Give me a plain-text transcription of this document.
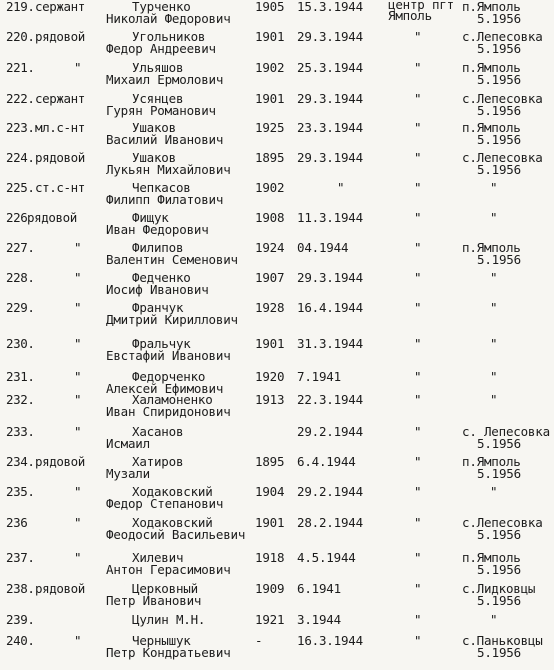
219. сержант	Турченко
Николай Федорович
1905 15.3.1944 центр пгт
Ямполь
п.Ямполь
5.1956
220. рядовой	Угольников
Федор Андреевич
1901 29.3.1944	"	с.Лепесовка
5.1956
221.	"	Ульяшов
Михаил Ермолович
1902 25.3.1944	"	п.Ямполь
5.1956
222. сержант	Усянцев
Гурян Романович
1901 29.3.1944	"	с.Лепесовка
5.1956
223. мл.с-нт	Ушаков
Василий Иванович
1925 23.3.1944	"	п.Ямполь
5.1956
224. рядовой	Ушаков
Лукьян Михайлович
1895 29.3.1944	"	с.Лепесовка
5.1956
225. ст.с-нт	Чепкасов
Филипп Филатович
1902	"	"	"
226 рядовой	Фищук
Иван Федорович
1908 11.3.1944	"	"
227.	"	Филипов
Валентин Семенович
1924 04.1944	"	п.Ямполь
5.1956
228.	"	Федченко
Иосиф Иванович
1907 29.3.1944	"	"
229.	"	Франчук
Дмитрий Кириллович
1928 16.4.1944	"	"
230.	"	Фральчук
Евстафий Иванович
1901 31.3.1944	"	"
231.	"	Федорченко
Алексей Ефимович
1920 7.1941	"	"
232.	"	Халамоненко
Иван Спиридонович
1913 22.3.1944	"	"
233.	"	Хасанов
Исмаил
29.2.1944	"	с. Лепесовка
5.1956
234. рядовой	Хатиров
Музали
1895 6.4.1944	"	п.Ямполь
5.1956
235.	"	Ходаковский
Федор Степанович
1904 29.2.1944	"	"
236	"	Ходаковский
Феодосий Васильевич
1901 28.2.1944	"	с.Лепесовка
5.1956
237.	"	Хилевич
Антон Герасимович
1918 4.5.1944	"	п.Ямполь
5.1956
238. рядовой	Церковный
Петр Иванович
1909 6.1941	"	с.Лидковцы
5.1956
239.	Цулин М.Н.	1921 3.1944	"	"
240.	"	Чернышук
Петр Кондратьевич
-	16.3.1944	"	с.Паньковцы
5.1956
